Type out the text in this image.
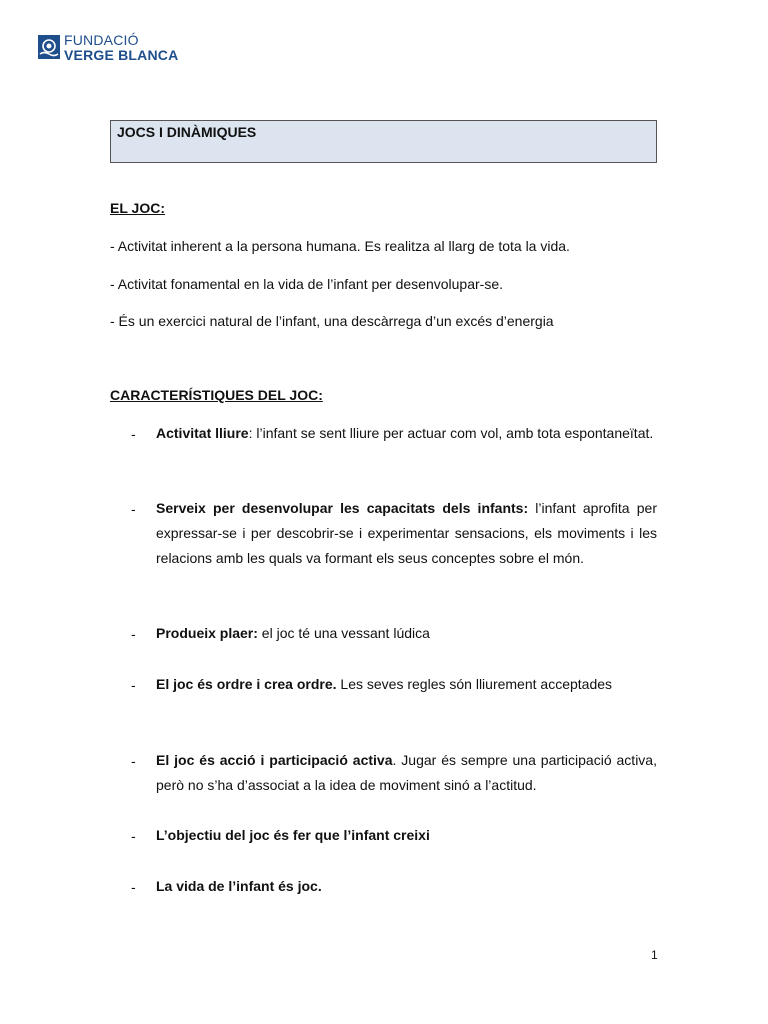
FUNDACIÓ
VERGE BLANCA
JOCS I DINÀMIQUES
EL JOC:
- Activitat inherent a la persona humana. Es realitza al llarg de tota la vida.
- Activitat fonamental en la vida de l’infant per desenvolupar-se.
- És un exercici natural de l’infant, una descàrrega d’un excés d’energia
CARACTERÍSTIQUES DEL JOC:
- Activitat lliure: l’infant se sent lliure per actuar com vol, amb tota espontaneïtat.
- Serveix per desenvolupar les capacitats dels infants: l’infant aprofita per expressar-se i per descobrir-se i experimentar sensacions, els moviments i les relacions amb les quals va formant els seus conceptes sobre el món.
- Produeix plaer: el joc té una vessant lúdica
- El joc és ordre i crea ordre. Les seves regles són lliurement acceptades
- El joc és acció i participació activa. Jugar és sempre una participació activa, però no s’ha d’associat a la idea de moviment sinó a l’actitud.
- L’objectiu del joc és fer que l’infant creixi
- La vida de l’infant és joc.
1
